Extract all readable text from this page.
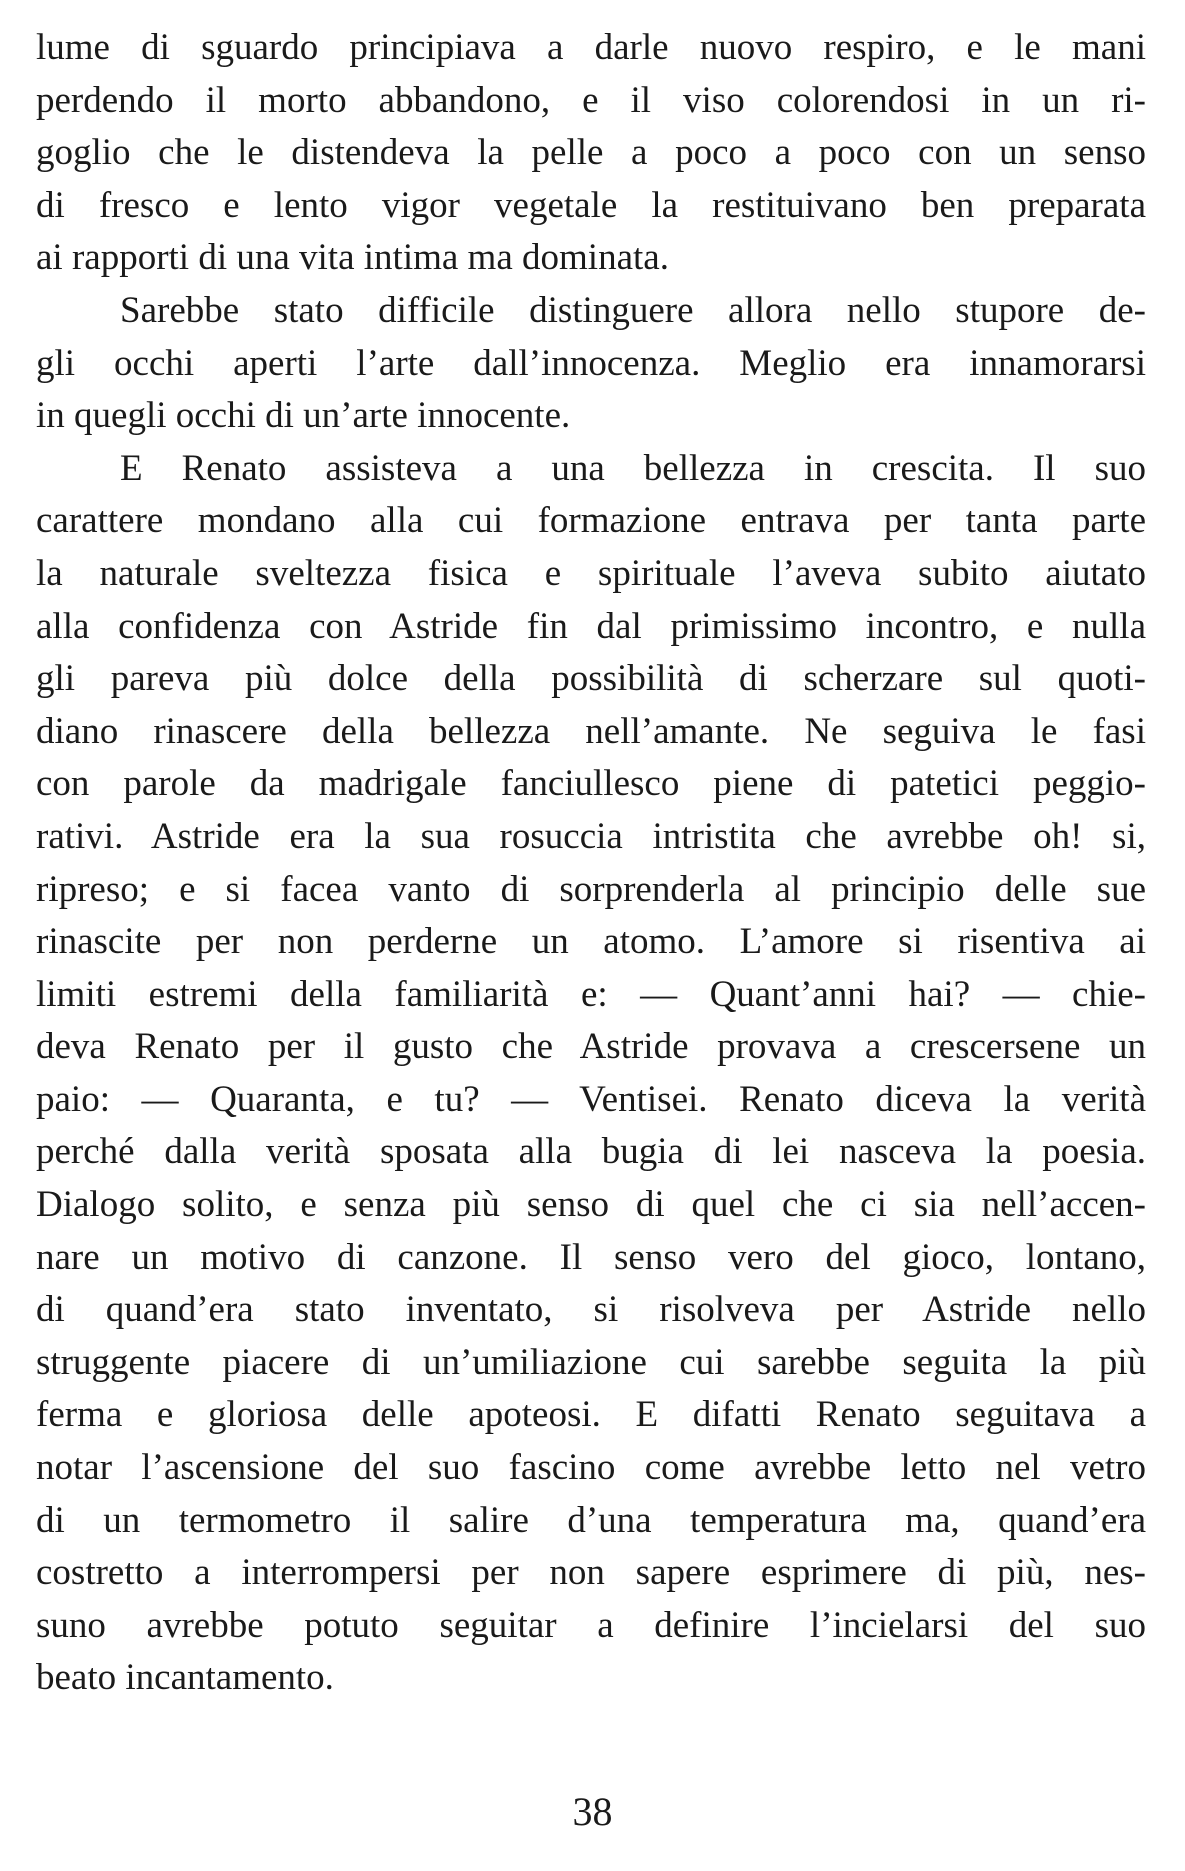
lume di sguardo principiava a darle nuovo respiro, e le mani
perdendo il morto abbandono, e il viso colorendosi in un ri-
goglio che le distendeva la pelle a poco a poco con un senso
di fresco e lento vigor vegetale la restituivano ben preparata
ai rapporti di una vita intima ma dominata.
Sarebbe stato difficile distinguere allora nello stupore de-
gli occhi aperti l’arte dall’innocenza. Meglio era innamorarsi
in quegli occhi di un’arte innocente.
E Renato assisteva a una bellezza in crescita. Il suo
carattere mondano alla cui formazione entrava per tanta parte
la naturale sveltezza fisica e spirituale l’aveva subito aiutato
alla confidenza con Astride fin dal primissimo incontro, e nulla
gli pareva più dolce della possibilità di scherzare sul quoti-
diano rinascere della bellezza nell’amante. Ne seguiva le fasi
con parole da madrigale fanciullesco piene di patetici peggio-
rativi. Astride era la sua rosuccia intristita che avrebbe oh! si,
ripreso; e si facea vanto di sorprenderla al principio delle sue
rinascite per non perderne un atomo. L’amore si risentiva ai
limiti estremi della familiarità e: — Quant’anni hai? — chie-
deva Renato per il gusto che Astride provava a crescersene un
paio: — Quaranta, e tu? — Ventisei. Renato diceva la verità
perché dalla verità sposata alla bugia di lei nasceva la poesia.
Dialogo solito, e senza più senso di quel che ci sia nell’accen-
nare un motivo di canzone. Il senso vero del gioco, lontano,
di quand’era stato inventato, si risolveva per Astride nello
struggente piacere di un’umiliazione cui sarebbe seguita la più
ferma e gloriosa delle apoteosi. E difatti Renato seguitava a
notar l’ascensione del suo fascino come avrebbe letto nel vetro
di un termometro il salire d’una temperatura ma, quand’era
costretto a interrompersi per non sapere esprimere di più, nes-
suno avrebbe potuto seguitar a definire l’incielarsi del suo
beato incantamento.
38
